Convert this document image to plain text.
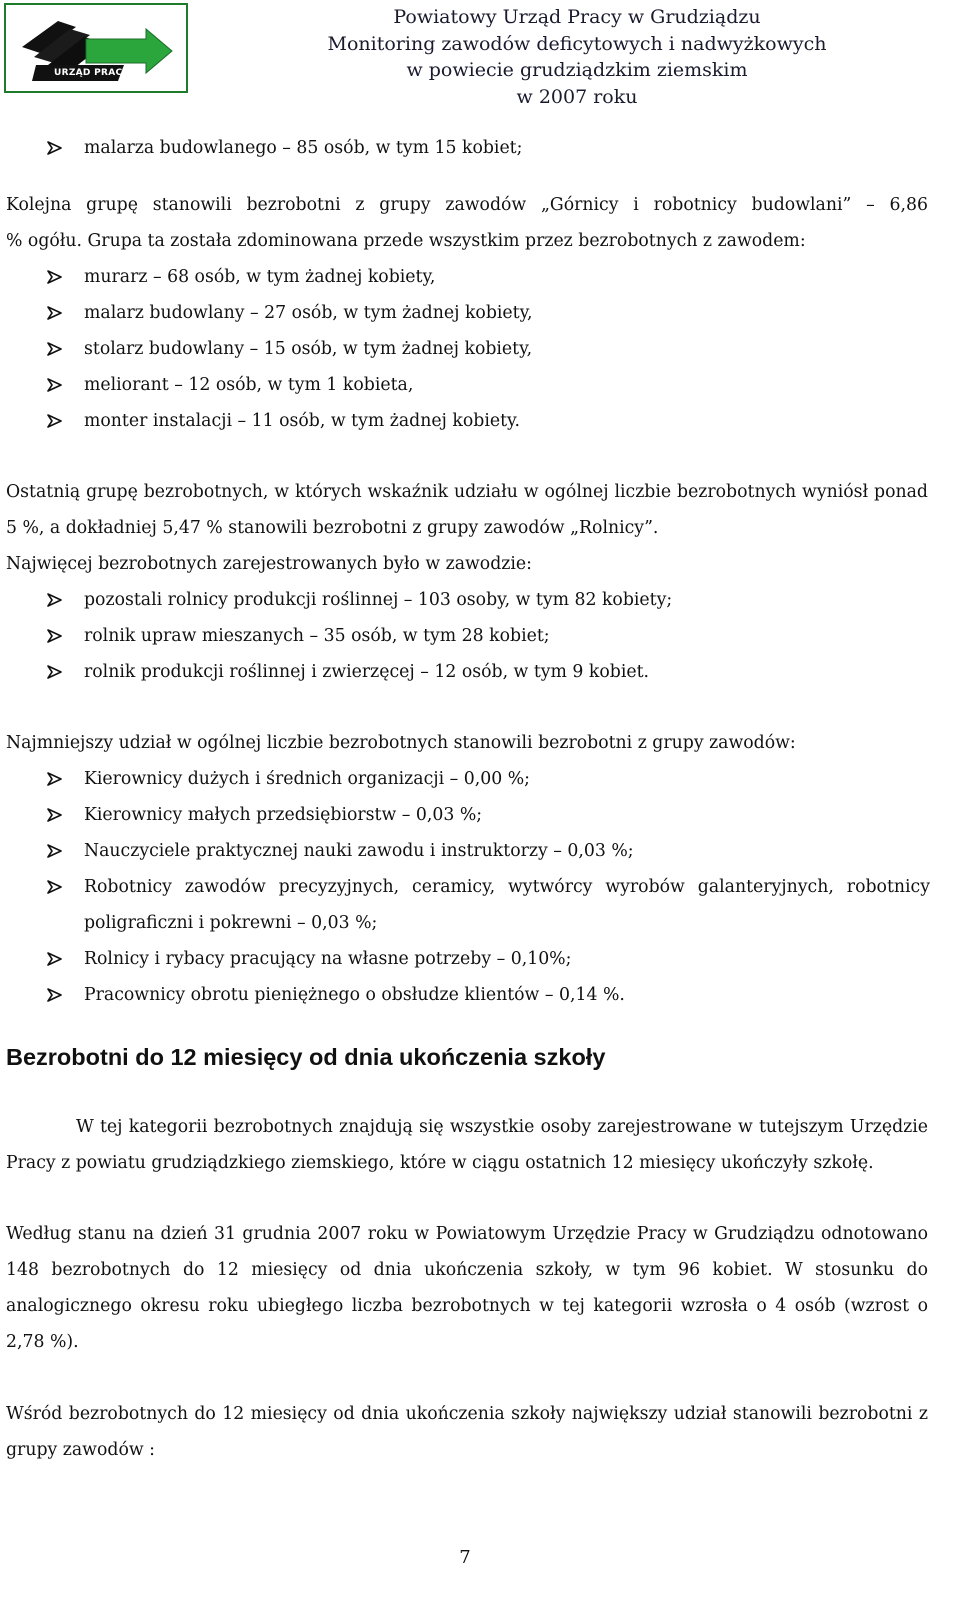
URZĄD PRACY
Powiatowy Urząd Pracy w Grudziądzu
Monitoring zawodów deficytowych i nadwyżkowych
w powiecie grudziądzkim ziemskim
w 2007 roku
malarza budowlanego – 85 osób, w tym 15 kobiet;
Kolejna grupę stanowili bezrobotni z grupy zawodów „Górnicy i robotnicy budowlani” – 6,86
% ogółu. Grupa ta została zdominowana przede wszystkim przez bezrobotnych z zawodem:
murarz – 68 osób, w tym żadnej kobiety,
malarz budowlany – 27 osób, w tym żadnej kobiety,
stolarz budowlany – 15 osób, w tym żadnej kobiety,
meliorant – 12 osób, w tym 1 kobieta,
monter instalacji – 11 osób, w tym żadnej kobiety.
Ostatnią grupę bezrobotnych, w których wskaźnik udziału w ogólnej liczbie bezrobotnych wyniósł ponad 5 %, a dokładniej 5,47 % stanowili bezrobotni z grupy zawodów „Rolnicy”.
Najwięcej bezrobotnych zarejestrowanych było w zawodzie:
pozostali rolnicy produkcji roślinnej – 103 osoby, w tym 82 kobiety;
rolnik upraw mieszanych – 35 osób, w tym 28 kobiet;
rolnik produkcji roślinnej i zwierzęcej – 12 osób, w tym 9 kobiet.
Najmniejszy udział w ogólnej liczbie bezrobotnych stanowili bezrobotni z grupy zawodów:
Kierownicy dużych i średnich organizacji – 0,00 %;
Kierownicy małych przedsiębiorstw – 0,03 %;
Nauczyciele praktycznej nauki zawodu i instruktorzy – 0,03 %;
Robotnicy zawodów precyzyjnych, ceramicy, wytwórcy wyrobów galanteryjnych, robotnicy poligraficzni i pokrewni – 0,03 %;
Rolnicy i rybacy pracujący na własne potrzeby – 0,10%;
Pracownicy obrotu pieniężnego o obsłudze klientów – 0,14 %.
Bezrobotni do 12 miesięcy od dnia ukończenia szkoły
W tej kategorii bezrobotnych znajdują się wszystkie osoby zarejestrowane w tutejszym Urzędzie Pracy z powiatu grudziądzkiego ziemskiego, które w ciągu ostatnich 12 miesięcy ukończyły szkołę.
Według stanu na dzień 31 grudnia 2007 roku w Powiatowym Urzędzie Pracy w Grudziądzu odnotowano 148 bezrobotnych do 12 miesięcy od dnia ukończenia szkoły, w tym 96 kobiet. W stosunku do analogicznego okresu roku ubiegłego liczba bezrobotnych w tej kategorii wzrosła o 4 osób (wzrost o 2,78 %).
Wśród bezrobotnych do 12 miesięcy od dnia ukończenia szkoły największy udział stanowili bezrobotni z grupy zawodów :
7
